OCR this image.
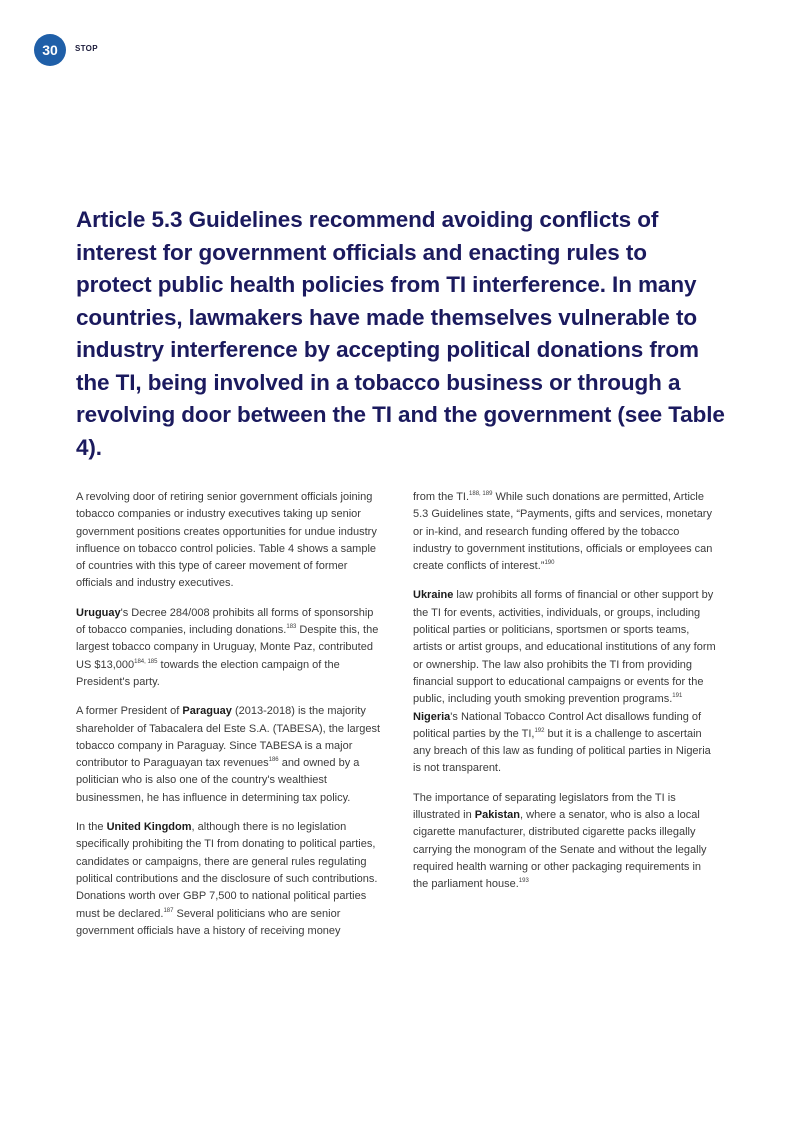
30	STOP
Article 5.3 Guidelines recommend avoiding conflicts of interest for government officials and enacting rules to protect public health policies from TI interference. In many countries, lawmakers have made themselves vulnerable to industry interference by accepting political donations from the TI, being involved in a tobacco business or through a revolving door between the TI and the government (see Table 4).

A revolving door of retiring senior government officials joining tobacco companies or industry executives taking up senior government positions creates opportunities for undue industry influence on tobacco control policies. Table 4 shows a sample of countries with this type of career movement of former officials and industry executives.

Uruguay's Decree 284/008 prohibits all forms of sponsorship of tobacco companies, including donations.$^{183}$ Despite this, the largest tobacco company in Uruguay, Monte Paz, contributed US $13,000$^{184, 185}$ towards the election campaign of the President's party.

A former President of Paraguay (2013-2018) is the majority shareholder of Tabacalera del Este S.A. (TABESA), the largest tobacco company in Paraguay. Since TABESA is a major contributor to Paraguayan tax revenues$^{186}$ and owned by a politician who is also one of the country's wealthiest businessmen, he has influence in determining tax policy.

In the United Kingdom, although there is no legislation specifically prohibiting the TI from donating to political parties, candidates or campaigns, there are general rules regulating political contributions and the disclosure of such contributions. Donations worth over GBP 7,500 to national political parties must be declared.$^{187}$ Several politicians who are senior government officials have a history of receiving money

from the TI.$^{188, 189}$ While such donations are permitted, Article 5.3 Guidelines state, “Payments, gifts and services, monetary or in-kind, and research funding offered by the tobacco industry to government institutions, officials or employees can create conflicts of interest.”$^{190}$

Ukraine law prohibits all forms of financial or other support by the TI for events, activities, individuals, or groups, including political parties or politicians, sportsmen or sports teams, artists or artist groups, and educational institutions of any form or ownership. The law also prohibits the TI from providing financial support to educational campaigns or events for the public, including youth smoking prevention programs.$^{191}$
Nigeria's National Tobacco Control Act disallows funding of political parties by the TI,$^{192}$ but it is a challenge to ascertain any breach of this law as funding of political parties in Nigeria is not transparent.

The importance of separating legislators from the TI is illustrated in Pakistan, where a senator, who is also a local cigarette manufacturer, distributed cigarette packs illegally carrying the monogram of the Senate and without the legally required health warning or other packaging requirements in the parliament house.$^{193}$
